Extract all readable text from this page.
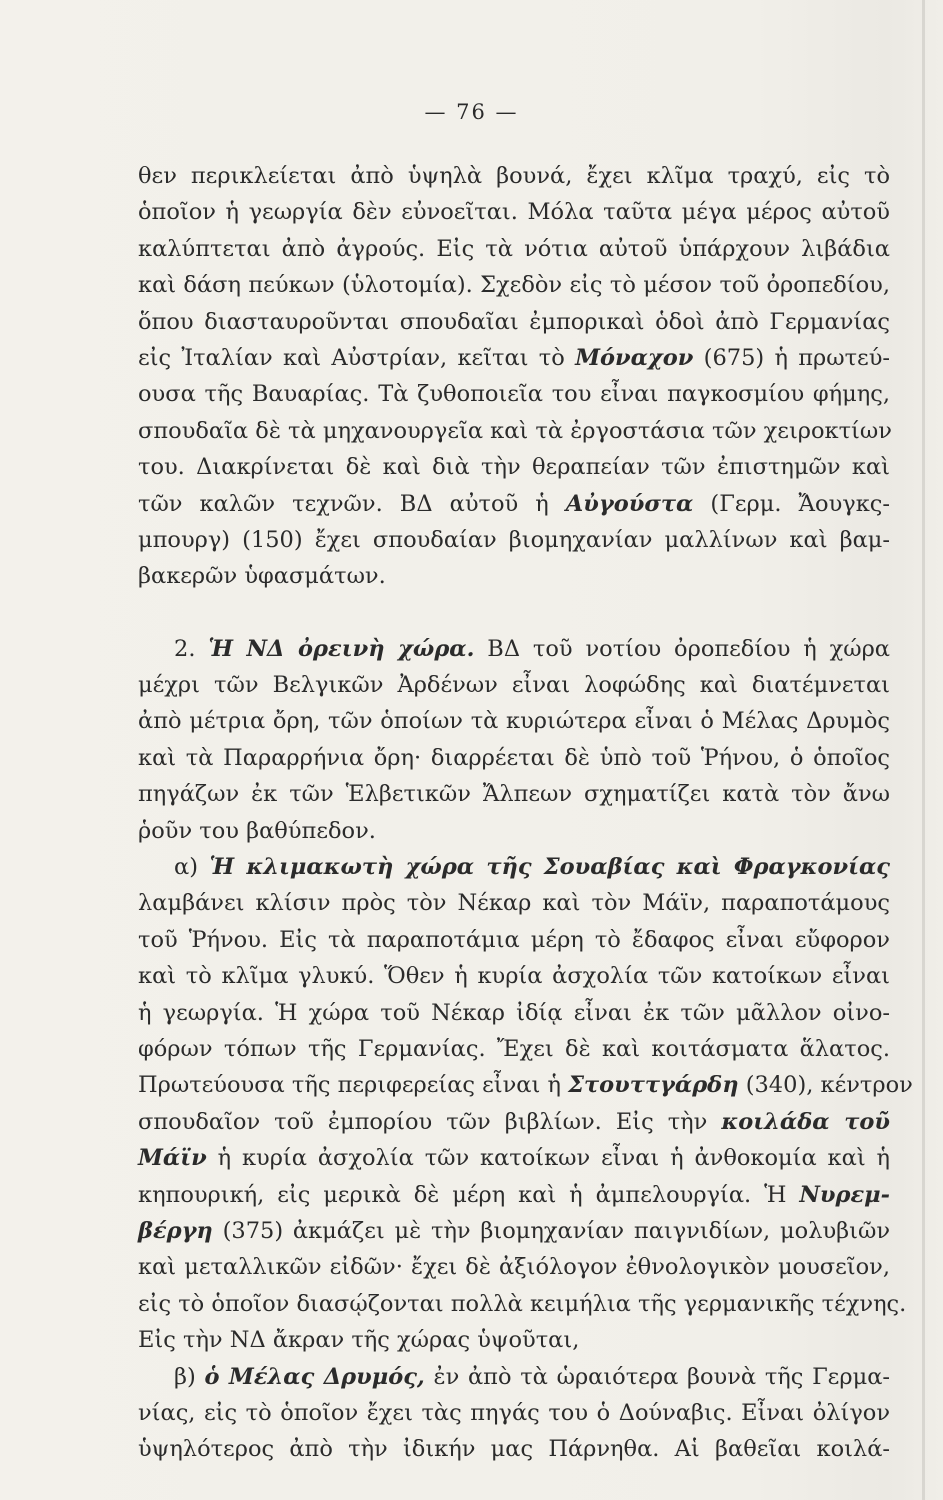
— 76 —
θεν περικλείεται ἀπὸ ὑψηλὰ βουνά, ἔχει κλῖμα τραχύ, εἰς τὸ
ὁποῖον ἡ γεωργία δὲν εὐνοεῖται. Μόλα ταῦτα μέγα μέρος αὐτοῦ
καλύπτεται ἀπὸ ἀγρούς. Εἰς τὰ νότια αὐτοῦ ὑπάρχουν λιβάδια
καὶ δάση πεύκων (ὑλοτομία). Σχεδὸν εἰς τὸ μέσον τοῦ ὀροπεδίου,
ὅπου διασταυροῦνται σπουδαῖαι ἐμπορικαὶ ὁδοὶ ἀπὸ Γερμανίας
εἰς Ἰταλίαν καὶ Αὐστρίαν, κεῖται τὸ Μόναχον (675) ἡ πρωτεύ-
ουσα τῆς Βαυαρίας. Τὰ ζυθοποιεῖα του εἶναι παγκοσμίου φήμης,
σπουδαῖα δὲ τὰ μηχανουργεῖα καὶ τὰ ἐργοστάσια τῶν χειροκτίων
του. Διακρίνεται δὲ καὶ διὰ τὴν θεραπείαν τῶν ἐπιστημῶν καὶ
τῶν καλῶν τεχνῶν. ΒΔ αὐτοῦ ἡ Αὐγούστα (Γερμ. Ἄουγκς-
μπουργ) (150) ἔχει σπουδαίαν βιομηχανίαν μαλλίνων καὶ βαμ-
βακερῶν ὑφασμάτων.
2. Ἡ ΝΔ ὀρεινὴ χώρα. ΒΔ τοῦ νοτίου ὀροπεδίου ἡ χώρα
μέχρι τῶν Βελγικῶν Ἀρδένων εἶναι λοφώδης καὶ διατέμνεται
ἀπὸ μέτρια ὄρη, τῶν ὁποίων τὰ κυριώτερα εἶναι ὁ Μέλας Δρυμὸς
καὶ τὰ Παραρρήνια ὄρη· διαρρέεται δὲ ὑπὸ τοῦ Ῥήνου, ὁ ὁποῖος
πηγάζων ἐκ τῶν Ἑλβετικῶν Ἄλπεων σχηματίζει κατὰ τὸν ἄνω
ῥοῦν του βαθύπεδον.
α) Ἡ κλιμακωτὴ χώρα τῆς Σουαβίας καὶ Φραγκονίας
λαμβάνει κλίσιν πρὸς τὸν Νέκαρ καὶ τὸν Μάϊν, παραποτάμους
τοῦ Ῥήνου. Εἰς τὰ παραποτάμια μέρη τὸ ἔδαφος εἶναι εὔφορον
καὶ τὸ κλῖμα γλυκύ. Ὅθεν ἡ κυρία ἀσχολία τῶν κατοίκων εἶναι
ἡ γεωργία. Ἡ χώρα τοῦ Νέκαρ ἰδίᾳ εἶναι ἐκ τῶν μᾶλλον οἰνο-
φόρων τόπων τῆς Γερμανίας. Ἔχει δὲ καὶ κοιτάσματα ἅλατος.
Πρωτεύουσα τῆς περιφερείας εἶναι ἡ Στουττγάρδη (340), κέντρον
σπουδαῖον τοῦ ἐμπορίου τῶν βιβλίων. Εἰς τὴν κοιλάδα τοῦ
Μάϊν ἡ κυρία ἀσχολία τῶν κατοίκων εἶναι ἡ ἀνθοκομία καὶ ἡ
κηπουρική, εἰς μερικὰ δὲ μέρη καὶ ἡ ἀμπελουργία. Ἡ Νυρεμ-
βέργη (375) ἀκμάζει μὲ τὴν βιομηχανίαν παιγνιδίων, μολυβιῶν
καὶ μεταλλικῶν εἰδῶν· ἔχει δὲ ἀξιόλογον ἐθνολογικὸν μουσεῖον,
εἰς τὸ ὁποῖον διασῴζονται πολλὰ κειμήλια τῆς γερμανικῆς τέχνης.
Εἰς τὴν ΝΔ ἄκραν τῆς χώρας ὑψοῦται,
β) ὁ Μέλας Δρυμός, ἐν ἀπὸ τὰ ὡραιότερα βουνὰ τῆς Γερμα-
νίας, εἰς τὸ ὁποῖον ἔχει τὰς πηγάς του ὁ Δούναβις. Εἶναι ὀλίγον
ὑψηλότερος ἀπὸ τὴν ἰδικήν μας Πάρνηθα. Αἱ βαθεῖαι κοιλά-
